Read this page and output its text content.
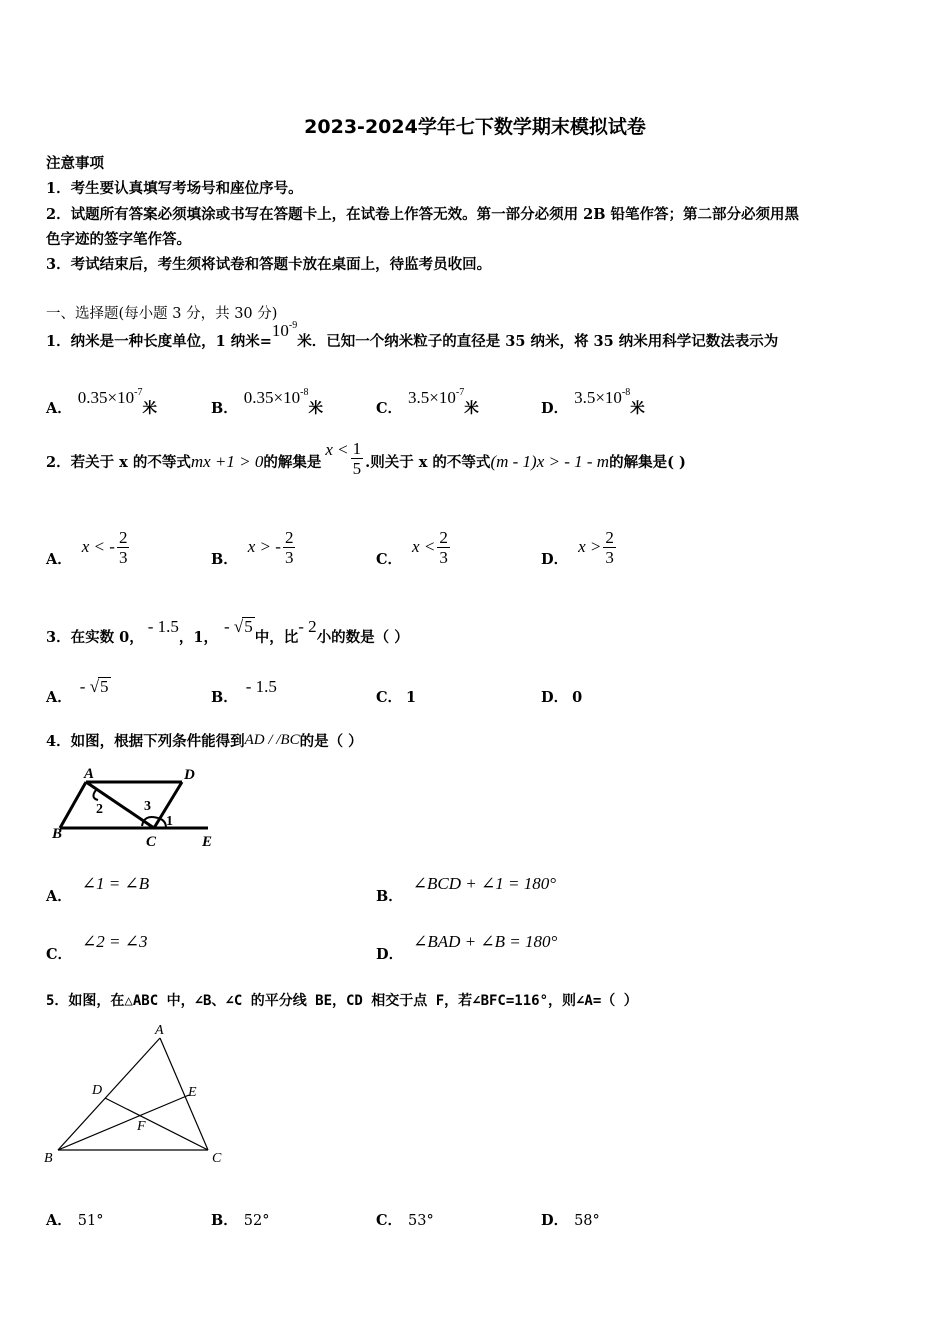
2023-2024学年七下数学期末模拟试卷
注意事项
1．考生要认真填写考场号和座位序号。
2．试题所有答案必须填涂或书写在答题卡上，在试卷上作答无效。第一部分必须用 2B 铅笔作答；第二部分必须用黑
色字迹的签字笔作答。
3．考试结束后，考生须将试卷和答题卡放在桌面上，待监考员收回。
一、选择题(每小题 3 分，共 30 分)
1．纳米是一种长度单位，1 纳米$=10^{-9}$米．已知一个纳米粒子的直径是 35 纳米，将 35 纳米用科学记数法表示为
A．$0.35\times 10^{-7}$米	B．$0.35\times 10^{-8}$米	C．$3.5\times 10^{-7}$米	D．$3.5\times 10^{-8}$米
2．若关于 x 的不等式mx +1 > 0的解集是$x < \frac{1}{5}$ .则关于 x 的不等式(m - 1)x > - 1 - m的解集是( )
A．x < - $\frac{2}{3}$	B．x > - $\frac{2}{3}$	C．$x < \frac{2}{3}$	D．$x > \frac{2}{3}$
3．在实数 0，- 1.5，1，- √5中，比- 2小的数是（ ）
A．- √5
B．- 1.5
C． 1	D． 0
4．如图，根据下列条件能得到AD / /BC的是（ ）
A	D
B	C	E
2	3
1
A．∠1 = ∠B
B．∠BCD + ∠1 = 180°
C．∠2 = ∠3
D．∠BAD + ∠B = 180°
5．如图，在△ABC 中，∠B、∠C 的平分线 BE，CD 相交于点 F，若∠BFC=116°，则∠A=（ ）
A
D	E
F
B	C
A． 51°	B． 52°	C． 53°	D． 58°
